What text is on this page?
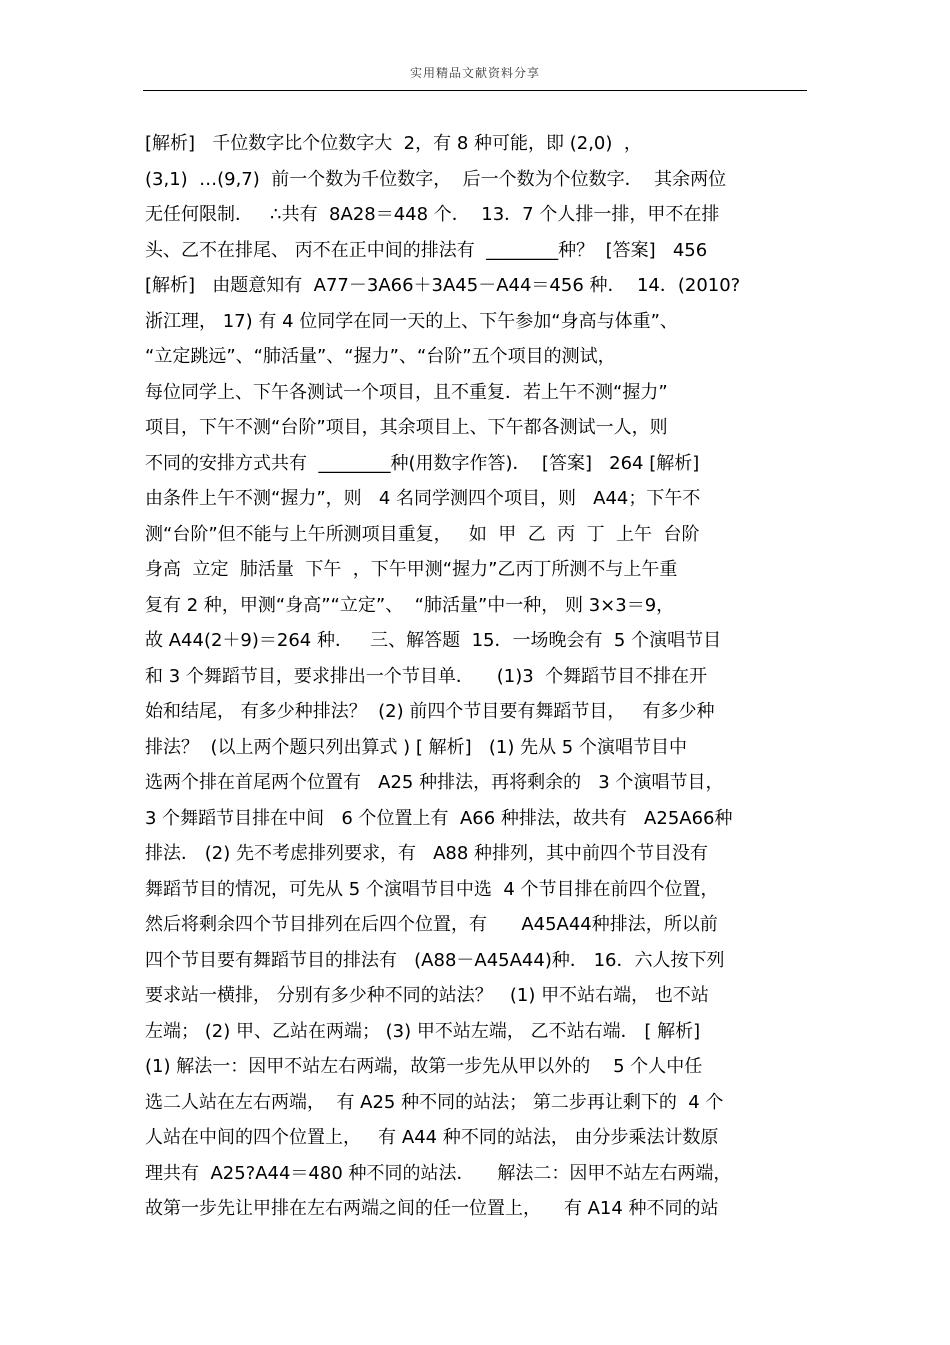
实用精品文献资料分享
[解析]   千位数字比个位数字大  2，有 8 种可能，即 (2,0)  ，
(3,1)  …(9,7)  前一个数为千位数字，  后一个数为个位数字．  其余两位
无任何限制．   ∴共有  8A28＝448 个．  13．7 个人排一排，甲不在排
头、乙不在排尾、 丙不在正中间的排法有  ________种？  [答案]   456
[解析]   由题意知有  A77－3A66＋3A45－A44＝456 种．  14．(2010?
浙江理， 17) 有 4 位同学在同一天的上、下午参加“身高与体重”、
“立定跳远”、“肺活量”、“握力”、“台阶”五个项目的测试，
每位同学上、下午各测试一个项目，且不重复．若上午不测“握力”
项目，下午不测“台阶”项目，其余项目上、下午都各测试一人，则
不同的安排方式共有  ________种(用数字作答)．  [答案]   264 [解析]
由条件上午不测“握力”，则   4 名同学测四个项目，则   A44；下午不
测“台阶”但不能与上午所测项目重复，   如  甲  乙  丙  丁  上午  台阶
身高  立定  肺活量  下午  ，下午甲测“握力”乙丙丁所测不与上午重
复有 2 种，甲测“身高”“立定”、  “肺活量”中一种， 则 3×3＝9，
故 A44(2＋9)＝264 种．   三、解答题  15．一场晚会有  5 个演唱节目
和 3 个舞蹈节目，要求排出一个节目单．    (1)3  个舞蹈节目不排在开
始和结尾， 有多少种排法？  (2) 前四个节目要有舞蹈节目，   有多少种
排法？  (以上两个题只列出算式 ) [ 解析]   (1) 先从 5 个演唱节目中
选两个排在首尾两个位置有   A25 种排法，再将剩余的   3 个演唱节目，
3 个舞蹈节目排在中间   6 个位置上有  A66 种排法，故共有   A25A66种
排法． (2) 先不考虑排列要求，有   A88 种排列，其中前四个节目没有
舞蹈节目的情况，可先从 5 个演唱节目中选  4 个节目排在前四个位置，
然后将剩余四个节目排列在后四个位置，有      A45A44种排法，所以前
四个节目要有舞蹈节目的排法有   (A88－A45A44)种． 16．六人按下列
要求站一横排， 分别有多少种不同的站法？   (1) 甲不站右端， 也不站
左端； (2) 甲、乙站在两端； (3) 甲不站左端， 乙不站右端． [ 解析]
(1) 解法一：因甲不站左右两端，故第一步先从甲以外的    5 个人中任
选二人站在左右两端，  有 A25 种不同的站法； 第二步再让剩下的  4 个
人站在中间的四个位置上，   有 A44 种不同的站法， 由分步乘法计数原
理共有  A25?A44＝480 种不同的站法．    解法二：因甲不站左右两端，
故第一步先让甲排在左右两端之间的任一位置上，    有 A14 种不同的站
